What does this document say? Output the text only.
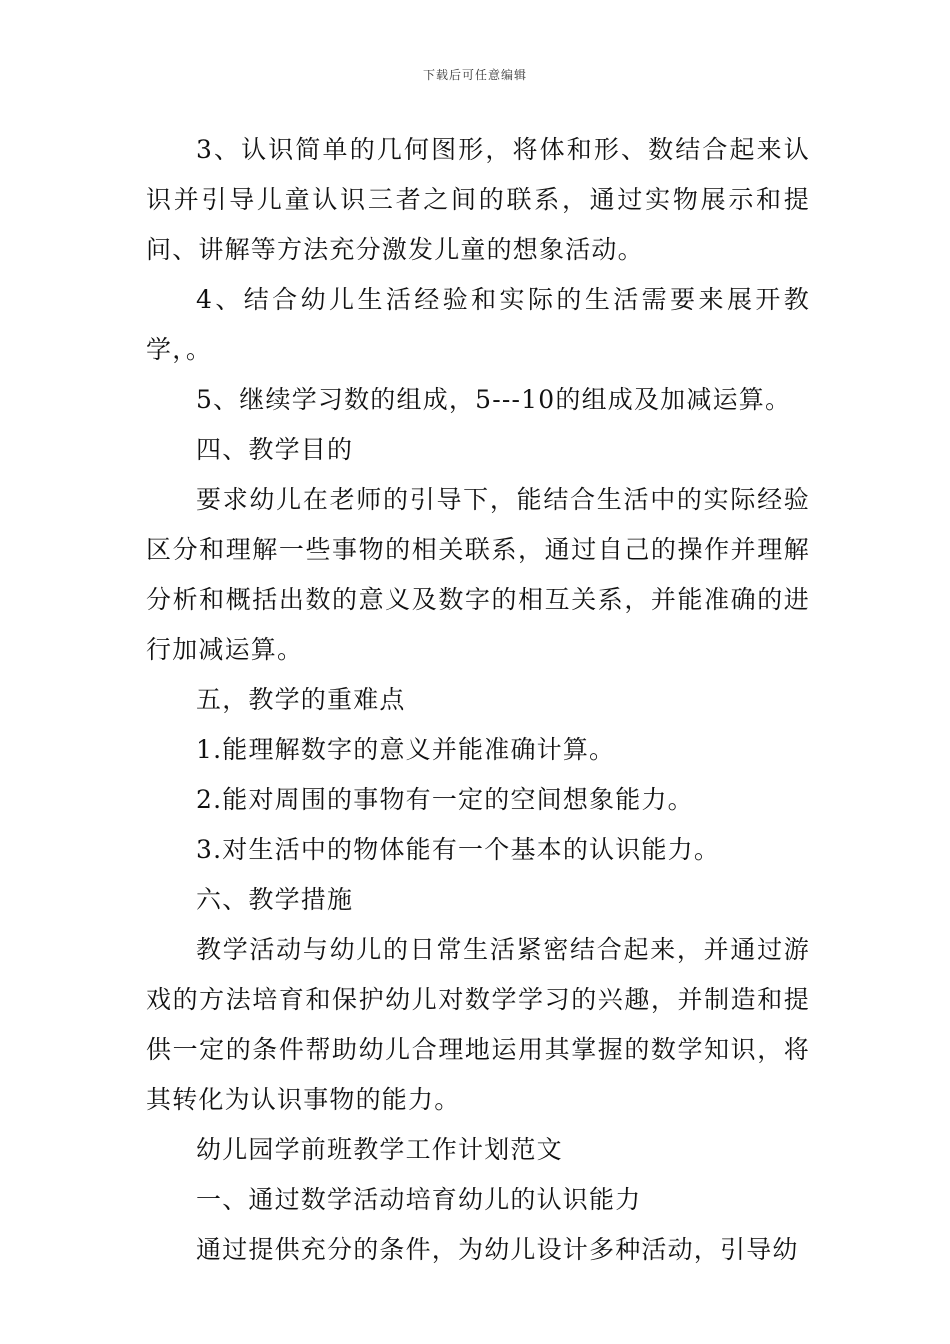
下载后可任意编辑

3、认识简单的几何图形，将体和形、数结合起来认识并引导儿童认识三者之间的联系，通过实物展示和提问、讲解等方法充分激发儿童的想象活动。

4、结合幼儿生活经验和实际的生活需要来展开教学，。

5、继续学习数的组成，5---10的组成及加减运算。

四、教学目的

要求幼儿在老师的引导下，能结合生活中的实际经验区分和理解一些事物的相关联系，通过自己的操作并理解分析和概括出数的意义及数字的相互关系，并能准确的进行加减运算。

五，教学的重难点

1.能理解数字的意义并能准确计算。

2.能对周围的事物有一定的空间想象能力。

3.对生活中的物体能有一个基本的认识能力。

六、教学措施

教学活动与幼儿的日常生活紧密结合起来，并通过游戏的方法培育和保护幼儿对数学学习的兴趣，并制造和提供一定的条件帮助幼儿合理地运用其掌握的数学知识，将其转化为认识事物的能力。

幼儿园学前班教学工作计划范文

一、通过数学活动培育幼儿的认识能力

通过提供充分的条件，为幼儿设计多种活动，引导幼
